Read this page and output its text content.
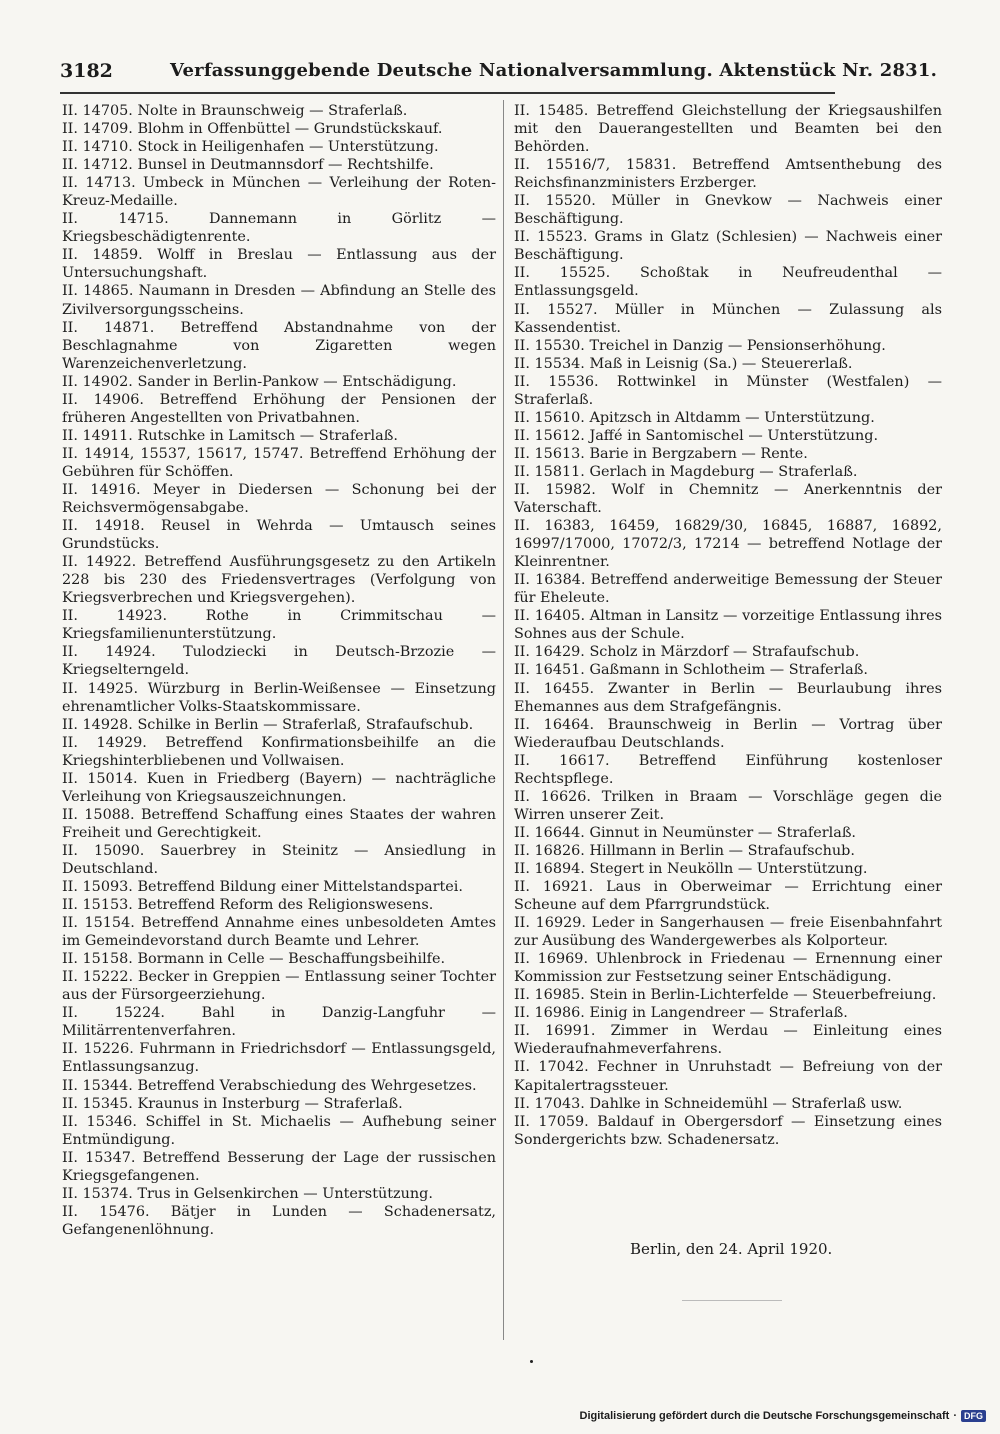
3182	Verfassunggebende Deutsche Nationalversammlung. Aktenstück Nr. 2831.

II. 14705. Nolte in Braunschweig — Straferlaß.

II. 14709. Blohm in Offenbüttel — Grundstückskauf.

II. 14710. Stock in Heiligenhafen — Unterstützung.

II. 14712. Bunsel in Deutmannsdorf — Rechtshilfe.

II. 14713. Umbeck in München — Verleihung der Roten-Kreuz-Medaille.

II. 14715. Dannemann in Görlitz — Kriegsbeschädigtenrente.

II. 14859. Wolff in Breslau — Entlassung aus der Untersuchungshaft.

II. 14865. Naumann in Dresden — Abfindung an Stelle des Zivilversorgungsscheins.

II. 14871. Betreffend Abstandnahme von der Beschlagnahme von Zigaretten wegen Warenzeichenverletzung.

II. 14902. Sander in Berlin-Pankow — Entschädigung.

II. 14906. Betreffend Erhöhung der Pensionen der früheren Angestellten von Privatbahnen.

II. 14911. Rutschke in Lamitsch — Straferlaß.

II. 14914, 15537, 15617, 15747. Betreffend Erhöhung der Gebühren für Schöffen.

II. 14916. Meyer in Diedersen — Schonung bei der Reichsvermögensabgabe.

II. 14918. Reusel in Wehrda — Umtausch seines Grundstücks.

II. 14922. Betreffend Ausführungsgesetz zu den Artikeln 228 bis 230 des Friedensvertrages (Verfolgung von Kriegsverbrechen und Kriegsvergehen).

II. 14923. Rothe in Crimmitschau — Kriegsfamilienunterstützung.

II. 14924. Tulodziecki in Deutsch-Brzozie — Kriegselterngeld.

II. 14925. Würzburg in Berlin-Weißensee — Einsetzung ehrenamtlicher Volks-Staatskommissare.

II. 14928. Schilke in Berlin — Straferlaß, Strafaufschub.

II. 14929. Betreffend Konfirmationsbeihilfe an die Kriegshinterbliebenen und Vollwaisen.

II. 15014. Kuen in Friedberg (Bayern) — nachträgliche Verleihung von Kriegsauszeichnungen.

II. 15088. Betreffend Schaffung eines Staates der wahren Freiheit und Gerechtigkeit.

II. 15090. Sauerbrey in Steinitz — Ansiedlung in Deutschland.

II. 15093. Betreffend Bildung einer Mittelstandspartei.

II. 15153. Betreffend Reform des Religionswesens.

II. 15154. Betreffend Annahme eines unbesoldeten Amtes im Gemeindevorstand durch Beamte und Lehrer.

II. 15158. Bormann in Celle — Beschaffungsbeihilfe.

II. 15222. Becker in Greppien — Entlassung seiner Tochter aus der Fürsorgeerziehung.

II. 15224. Bahl in Danzig-Langfuhr — Militärrentenverfahren.

II. 15226. Fuhrmann in Friedrichsdorf — Entlassungsgeld, Entlassungsanzug.

II. 15344. Betreffend Verabschiedung des Wehrgesetzes.

II. 15345. Kraunus in Insterburg — Straferlaß.

II. 15346. Schiffel in St. Michaelis — Aufhebung seiner Entmündigung.

II. 15347. Betreffend Besserung der Lage der russischen Kriegsgefangenen.

II. 15374. Trus in Gelsenkirchen — Unterstützung.

II. 15476. Bätjer in Lunden — Schadenersatz, Gefangenenlöhnung.

II. 15485. Betreffend Gleichstellung der Kriegsaushilfen mit den Dauerangestellten und Beamten bei den Behörden.

II. 15516/7, 15831. Betreffend Amtsenthebung des Reichsfinanzministers Erzberger.

II. 15520. Müller in Gnevkow — Nachweis einer Beschäftigung.

II. 15523. Grams in Glatz (Schlesien) — Nachweis einer Beschäftigung.

II. 15525. Schoßtak in Neufreudenthal — Entlassungsgeld.

II. 15527. Müller in München — Zulassung als Kassendentist.

II. 15530. Treichel in Danzig — Pensionserhöhung.

II. 15534. Maß in Leisnig (Sa.) — Steuererlaß.

II. 15536. Rottwinkel in Münster (Westfalen) — Straferlaß.

II. 15610. Apitzsch in Altdamm — Unterstützung.

II. 15612. Jaffé in Santomischel — Unterstützung.

II. 15613. Barie in Bergzabern — Rente.

II. 15811. Gerlach in Magdeburg — Straferlaß.

II. 15982. Wolf in Chemnitz — Anerkenntnis der Vaterschaft.

II. 16383, 16459, 16829/30, 16845, 16887, 16892, 16997/17000, 17072/3, 17214 — betreffend Notlage der Kleinrentner.

II. 16384. Betreffend anderweitige Bemessung der Steuer für Eheleute.

II. 16405. Altman in Lansitz — vorzeitige Entlassung ihres Sohnes aus der Schule.

II. 16429. Scholz in Märzdorf — Strafaufschub.

II. 16451. Gaßmann in Schlotheim — Straferlaß.

II. 16455. Zwanter in Berlin — Beurlaubung ihres Ehemannes aus dem Strafgefängnis.

II. 16464. Braunschweig in Berlin — Vortrag über Wiederaufbau Deutschlands.

II. 16617. Betreffend Einführung kostenloser Rechtspflege.

II. 16626. Trilken in Braam — Vorschläge gegen die Wirren unserer Zeit.

II. 16644. Ginnut in Neumünster — Straferlaß.

II. 16826. Hillmann in Berlin — Strafaufschub.

II. 16894. Stegert in Neukölln — Unterstützung.

II. 16921. Laus in Oberweimar — Errichtung einer Scheune auf dem Pfarrgrundstück.

II. 16929. Leder in Sangerhausen — freie Eisenbahnfahrt zur Ausübung des Wandergewerbes als Kolporteur.

II. 16969. Uhlenbrock in Friedenau — Ernennung einer Kommission zur Festsetzung seiner Entschädigung.

II. 16985. Stein in Berlin-Lichterfelde — Steuerbefreiung.

II. 16986. Einig in Langendreer — Straferlaß.

II. 16991. Zimmer in Werdau — Einleitung eines Wiederaufnahmeverfahrens.

II. 17042. Fechner in Unruhstadt — Befreiung von der Kapitalertragssteuer.

II. 17043. Dahlke in Schneidemühl — Straferlaß usw.

II. 17059. Baldauf in Obergersdorf — Einsetzung eines Sondergerichts bzw. Schadenersatz.

Berlin, den 24. April 1920.
Digitalisierung gefördert durch die Deutsche Forschungsgemeinschaft · DFG
